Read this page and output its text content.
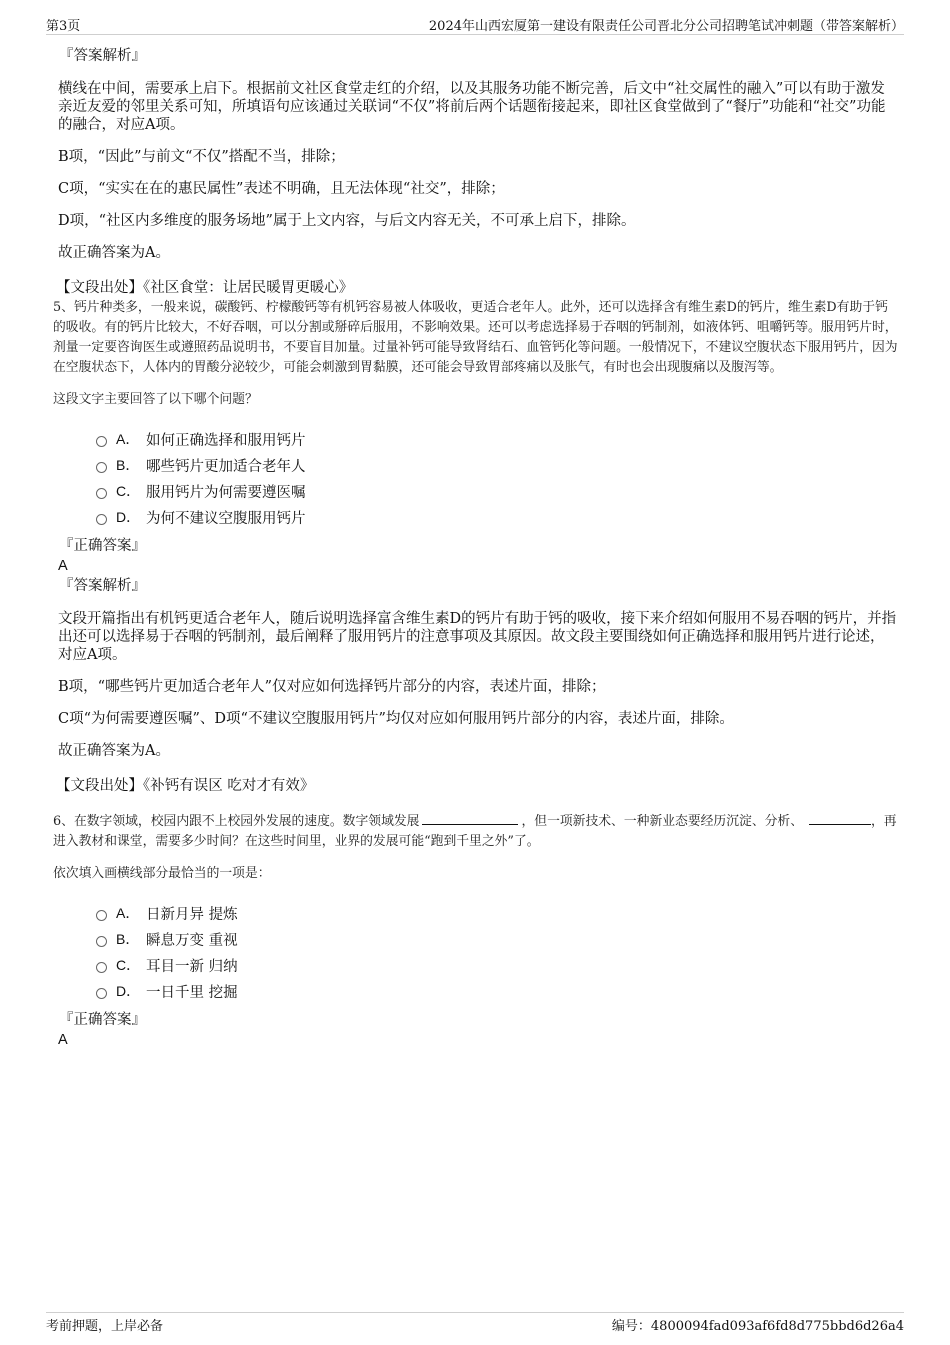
第3页	2024年山西宏厦第一建设有限责任公司晋北分公司招聘笔试冲刺题（带答案解析）
『答案解析』
横线在中间，需要承上启下。根据前文社区食堂走红的介绍，以及其服务功能不断完善，后文中“社交属性的融入”可以有助于激发亲近友爱的邻里关系可知，所填语句应该通过关联词“不仅”将前后两个话题衔接起来，即社区食堂做到了“餐厅”功能和“社交”功能的融合，对应A项。
B项，“因此”与前文“不仅”搭配不当，排除；
C项，“实实在在的惠民属性”表述不明确，且无法体现“社交”，排除；
D项，“社区内多维度的服务场地”属于上文内容，与后文内容无关，不可承上启下，排除。
故正确答案为A。
【文段出处】《社区食堂：让居民暖胃更暖心》
5、钙片种类多，一般来说，碳酸钙、柠檬酸钙等有机钙容易被人体吸收，更适合老年人。此外，还可以选择含有维生素D的钙片，维生素D有助于钙的吸收。有的钙片比较大，不好吞咽，可以分割或掰碎后服用，不影响效果。还可以考虑选择易于吞咽的钙制剂，如液体钙、咀嚼钙等。服用钙片时，剂量一定要咨询医生或遵照药品说明书，不要盲目加量。过量补钙可能导致肾结石、血管钙化等问题。一般情况下，不建议空腹状态下服用钙片，因为在空腹状态下，人体内的胃酸分泌较少，可能会刺激到胃黏膜，还可能会导致胃部疼痛以及胀气，有时也会出现腹痛以及腹泻等。
这段文字主要回答了以下哪个问题？
A． 如何正确选择和服用钙片
B． 哪些钙片更加适合老年人
C． 服用钙片为何需要遵医嘱
D． 为何不建议空腹服用钙片
『正确答案』
A
『答案解析』
文段开篇指出有机钙更适合老年人，随后说明选择富含维生素D的钙片有助于钙的吸收，接下来介绍如何服用不易吞咽的钙片，并指出还可以选择易于吞咽的钙制剂，最后阐释了服用钙片的注意事项及其原因。故文段主要围绕如何正确选择和服用钙片进行论述，对应A项。
B项，“哪些钙片更加适合老年人”仅对应如何选择钙片部分的内容，表述片面，排除；
C项“为何需要遵医嘱”、D项“不建议空腹服用钙片”均仅对应如何服用钙片部分的内容，表述片面，排除。
故正确答案为A。
【文段出处】《补钙有误区 吃对才有效》
6、在数字领域，校园内跟不上校园外发展的速度。数字领域发展	，但一项新技术、一种新业态要经历沉淀、分析、	，再进入教材和课堂，需要多少时间？在这些时间里，业界的发展可能“跑到千里之外”了。
依次填入画横线部分最恰当的一项是：
A． 日新月异 提炼
B． 瞬息万变 重视
C． 耳目一新 归纳
D． 一日千里 挖掘
『正确答案』
A
考前押题，上岸必备	编号：4800094fad093af6fd8d775bbd6d26a4
